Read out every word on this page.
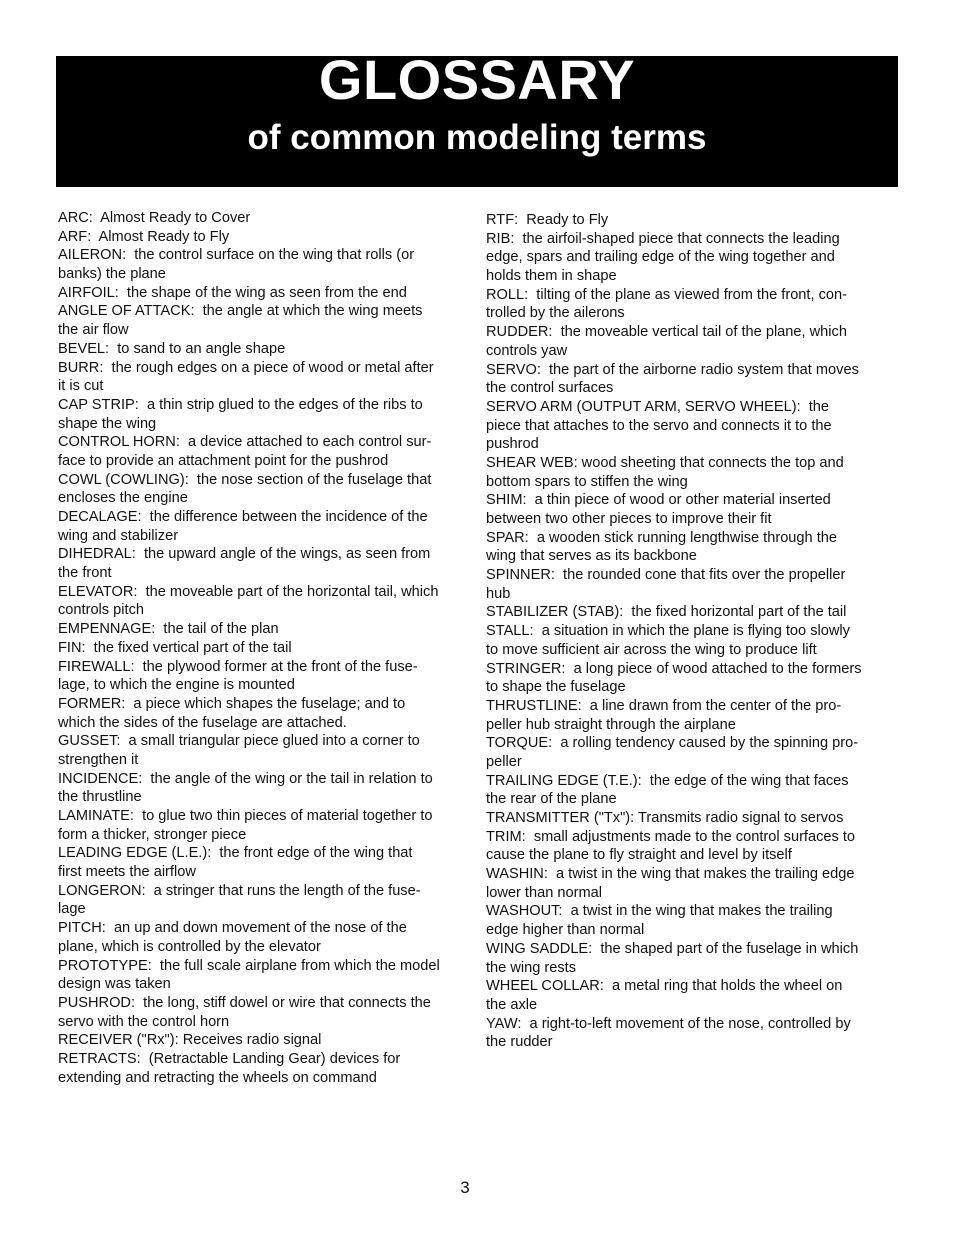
GLOSSARY
of common modeling terms
ARC:  Almost Ready to Cover
ARF:  Almost Ready to Fly
AILERON:  the control surface on the wing that rolls (or
banks) the plane
AIRFOIL:  the shape of the wing as seen from the end
ANGLE OF ATTACK:  the angle at which the wing meets
the air flow
BEVEL:  to sand to an angle shape
BURR:  the rough edges on a piece of wood or metal after
it is cut
CAP STRIP:  a thin strip glued to the edges of the ribs to
shape the wing
CONTROL HORN:  a device attached to each control sur-
face to provide an attachment point for the pushrod
COWL (COWLING):  the nose section of the fuselage that
encloses the engine
DECALAGE:  the difference between the incidence of the
wing and stabilizer
DIHEDRAL:  the upward angle of the wings, as seen from
the front
ELEVATOR:  the moveable part of the horizontal tail, which
controls pitch
EMPENNAGE:  the tail of the plan
FIN:  the fixed vertical part of the tail
FIREWALL:  the plywood former at the front of the fuse-
lage, to which the engine is mounted
FORMER:  a piece which shapes the fuselage; and to
which the sides of the fuselage are attached.
GUSSET:  a small triangular piece glued into a corner to
strengthen it
INCIDENCE:  the angle of the wing or the tail in relation to
the thrustline
LAMINATE:  to glue two thin pieces of material together to
form a thicker, stronger piece
LEADING EDGE (L.E.):  the front edge of the wing that
first meets the airflow
LONGERON:  a stringer that runs the length of the fuse-
lage
PITCH:  an up and down movement of the nose of the
plane, which is controlled by the elevator
PROTOTYPE:  the full scale airplane from which the model
design was taken
PUSHROD:  the long, stiff dowel or wire that connects the
servo with the control horn
RECEIVER ("Rx"): Receives radio signal
RETRACTS:  (Retractable Landing Gear) devices for
extending and retracting the wheels on command
RTF:  Ready to Fly
RIB:  the airfoil-shaped piece that connects the leading
edge, spars and trailing edge of the wing together and
holds them in shape
ROLL:  tilting of the plane as viewed from the front, con-
trolled by the ailerons
RUDDER:  the moveable vertical tail of the plane, which
controls yaw
SERVO:  the part of the airborne radio system that moves
the control surfaces
SERVO ARM (OUTPUT ARM, SERVO WHEEL):  the
piece that attaches to the servo and connects it to the
pushrod
SHEAR WEB: wood sheeting that connects the top and
bottom spars to stiffen the wing
SHIM:  a thin piece of wood or other material inserted
between two other pieces to improve their fit
SPAR:  a wooden stick running lengthwise through the
wing that serves as its backbone
SPINNER:  the rounded cone that fits over the propeller
hub
STABILIZER (STAB):  the fixed horizontal part of the tail
STALL:  a situation in which the plane is flying too slowly
to move sufficient air across the wing to produce lift
STRINGER:  a long piece of wood attached to the formers
to shape the fuselage
THRUSTLINE:  a line drawn from the center of the pro-
peller hub straight through the airplane
TORQUE:  a rolling tendency caused by the spinning pro-
peller
TRAILING EDGE (T.E.):  the edge of the wing that faces
the rear of the plane
TRANSMITTER ("Tx"): Transmits radio signal to servos
TRIM:  small adjustments made to the control surfaces to
cause the plane to fly straight and level by itself
WASHIN:  a twist in the wing that makes the trailing edge
lower than normal
WASHOUT:  a twist in the wing that makes the trailing
edge higher than normal
WING SADDLE:  the shaped part of the fuselage in which
the wing rests
WHEEL COLLAR:  a metal ring that holds the wheel on
the axle
YAW:  a right-to-left movement of the nose, controlled by
the rudder
3
